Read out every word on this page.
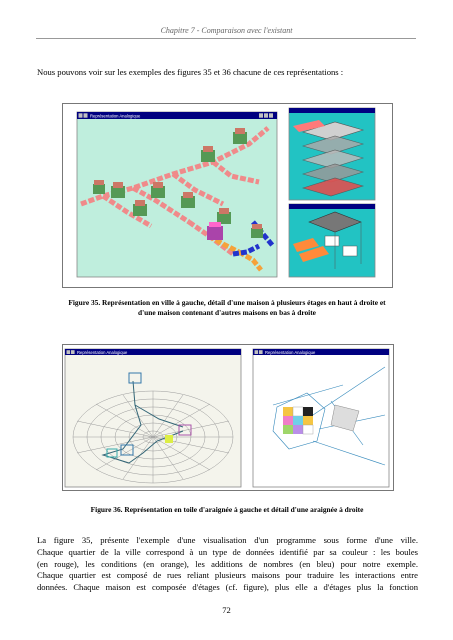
Chapitre 7 - Comparaison avec l'existant
Nous pouvons voir sur les exemples des figures 35 et 36 chacune de ces représentations :
Représentation Analogique
Figure 35. Représentation en ville à gauche, détail d'une maison à plusieurs étages en haut à droite et
d'une maison contenant d'autres maisons en bas à droite
Représentation Analogique	Représentation Analogique
Figure 36. Représentation en toile d'araignée à gauche et détail d'une araignée à droite
La figure 35, présente l'exemple d'une visualisation d'un programme sous forme d'une ville.
Chaque quartier de la ville correspond à un type de données identifié par sa couleur : les boules
(en rouge), les conditions (en orange), les additions de nombres (en bleu) pour notre exemple.
Chaque quartier est composé de rues reliant plusieurs maisons pour traduire les interactions entre
données. Chaque maison est composée d'étages (cf. figure), plus elle a d'étages plus la fonction
72
